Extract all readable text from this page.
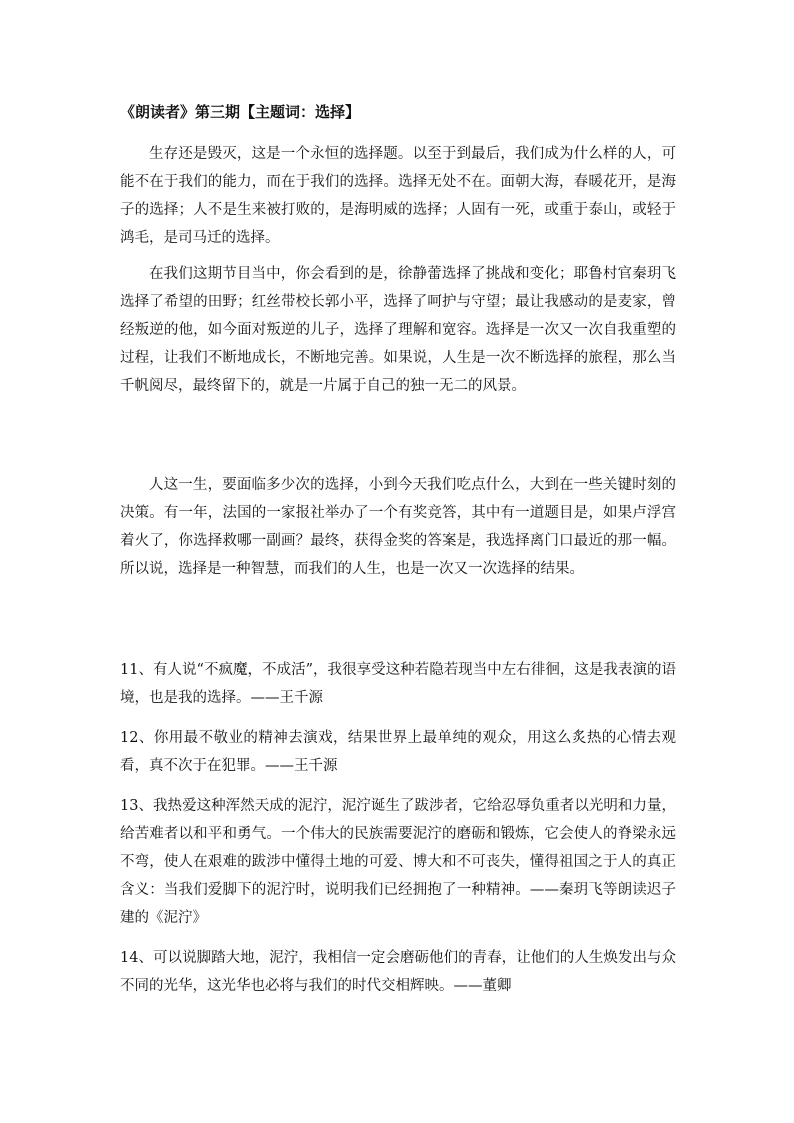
《朗读者》第三期【主题词：选择】

生存还是毁灭，这是一个永恒的选择题。以至于到最后，我们成为什么样的人，可能不在于我们的能力，而在于我们的选择。选择无处不在。面朝大海，春暖花开，是海子的选择；人不是生来被打败的，是海明威的选择；人固有一死，或重于泰山，或轻于鸿毛，是司马迁的选择。

在我们这期节目当中，你会看到的是，徐静蕾选择了挑战和变化；耶鲁村官秦玥飞选择了希望的田野；红丝带校长郭小平，选择了呵护与守望；最让我感动的是麦家，曾经叛逆的他，如今面对叛逆的儿子，选择了理解和宽容。选择是一次又一次自我重塑的过程，让我们不断地成长，不断地完善。如果说，人生是一次不断选择的旅程，那么当千帆阅尽，最终留下的，就是一片属于自己的独一无二的风景。

人这一生，要面临多少次的选择，小到今天我们吃点什么，大到在一些关键时刻的决策。有一年，法国的一家报社举办了一个有奖竞答，其中有一道题目是，如果卢浮宫着火了，你选择救哪一副画？最终，获得金奖的答案是，我选择离门口最近的那一幅。所以说，选择是一种智慧，而我们的人生，也是一次又一次选择的结果。

11、有人说“不疯魔，不成活”，我很享受这种若隐若现当中左右徘徊，这是我表演的语境，也是我的选择。——王千源

12、你用最不敬业的精神去演戏，结果世界上最单纯的观众，用这么炙热的心情去观看，真不次于在犯罪。——王千源

13、我热爱这种浑然天成的泥泞，泥泞诞生了跋涉者，它给忍辱负重者以光明和力量，给苦难者以和平和勇气。一个伟大的民族需要泥泞的磨砺和锻炼，它会使人的脊梁永远不弯，使人在艰难的跋涉中懂得土地的可爱、博大和不可丧失，懂得祖国之于人的真正含义：当我们爱脚下的泥泞时，说明我们已经拥抱了一种精神。——秦玥飞等朗读迟子建的《泥泞》

14、可以说脚踏大地，泥泞，我相信一定会磨砺他们的青春，让他们的人生焕发出与众不同的光华，这光华也必将与我们的时代交相辉映。——董卿
